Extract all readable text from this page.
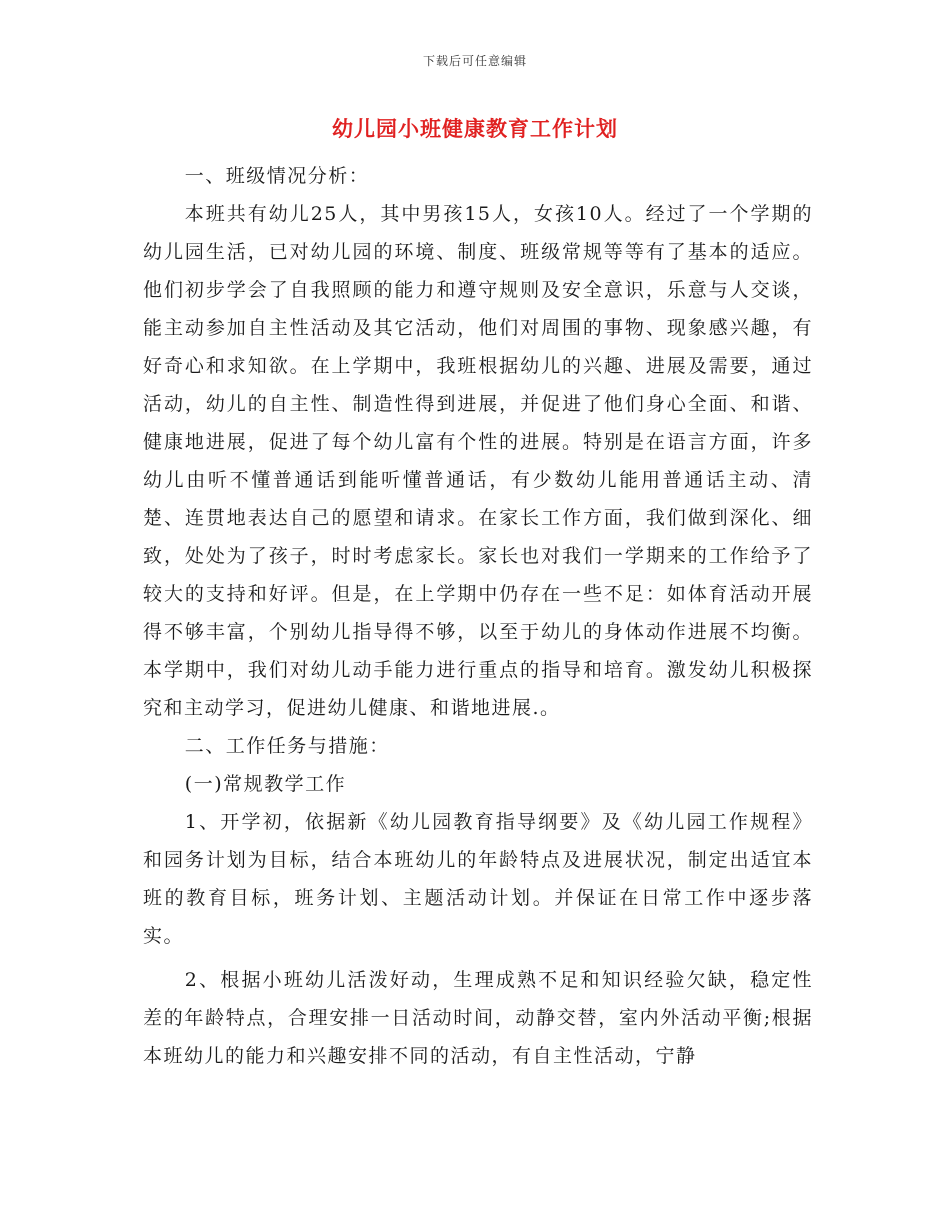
下载后可任意编辑
幼儿园小班健康教育工作计划

一、班级情况分析：

本班共有幼儿25人，其中男孩15人，女孩10人。经过了一个学期的幼儿园生活，已对幼儿园的环境、制度、班级常规等等有了基本的适应。他们初步学会了自我照顾的能力和遵守规则及安全意识，乐意与人交谈，能主动参加自主性活动及其它活动，他们对周围的事物、现象感兴趣，有好奇心和求知欲。在上学期中，我班根据幼儿的兴趣、进展及需要，通过活动，幼儿的自主性、制造性得到进展，并促进了他们身心全面、和谐、健康地进展，促进了每个幼儿富有个性的进展。特别是在语言方面，许多幼儿由听不懂普通话到能听懂普通话，有少数幼儿能用普通话主动、清楚、连贯地表达自己的愿望和请求。在家长工作方面，我们做到深化、细致，处处为了孩子，时时考虑家长。家长也对我们一学期来的工作给予了较大的支持和好评。但是，在上学期中仍存在一些不足：如体育活动开展得不够丰富，个别幼儿指导得不够，以至于幼儿的身体动作进展不均衡。本学期中，我们对幼儿动手能力进行重点的指导和培育。激发幼儿积极探究和主动学习，促进幼儿健康、和谐地进展.。

二、工作任务与措施：

(一)常规教学工作

1、开学初，依据新《幼儿园教育指导纲要》及《幼儿园工作规程》和园务计划为目标，结合本班幼儿的年龄特点及进展状况，制定出适宜本班的教育目标，班务计划、主题活动计划。并保证在日常工作中逐步落实。

2、根据小班幼儿活泼好动，生理成熟不足和知识经验欠缺，稳定性差的年龄特点，合理安排一日活动时间，动静交替，室内外活动平衡;根据本班幼儿的能力和兴趣安排不同的活动，有自主性活动，宁静
